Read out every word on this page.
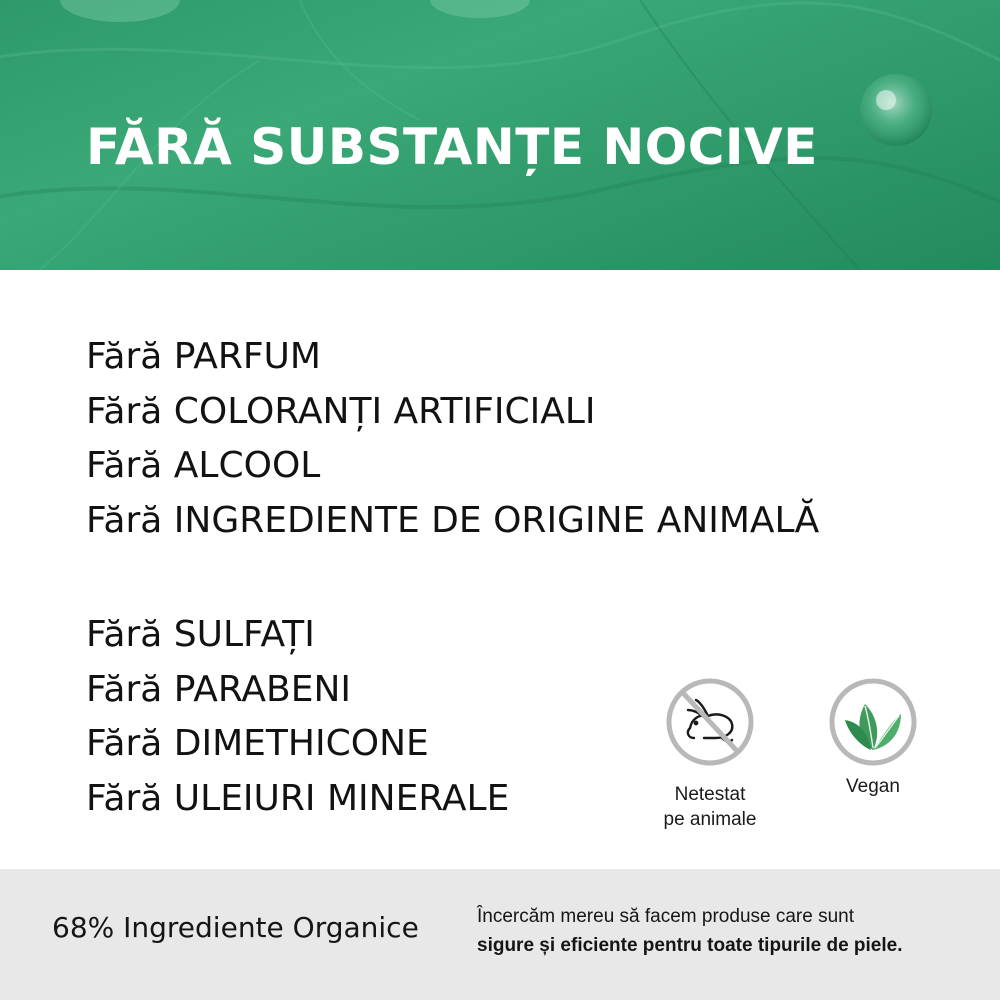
FĂRĂ SUBSTANȚE NOCIVE
Fără PARFUM
Fără COLORANȚI ARTIFICIALI
Fără ALCOOL
Fără INGREDIENTE DE ORIGINE ANIMALĂ
Fără SULFAȚI
Fără PARABENI
Fără DIMETHICONE
Fără ULEIURI MINERALE	Netestat
pe animale
Vegan
68% Ingrediente Organice	Încercăm mereu să facem produse care sunt
sigure și eficiente pentru toate tipurile de piele.
